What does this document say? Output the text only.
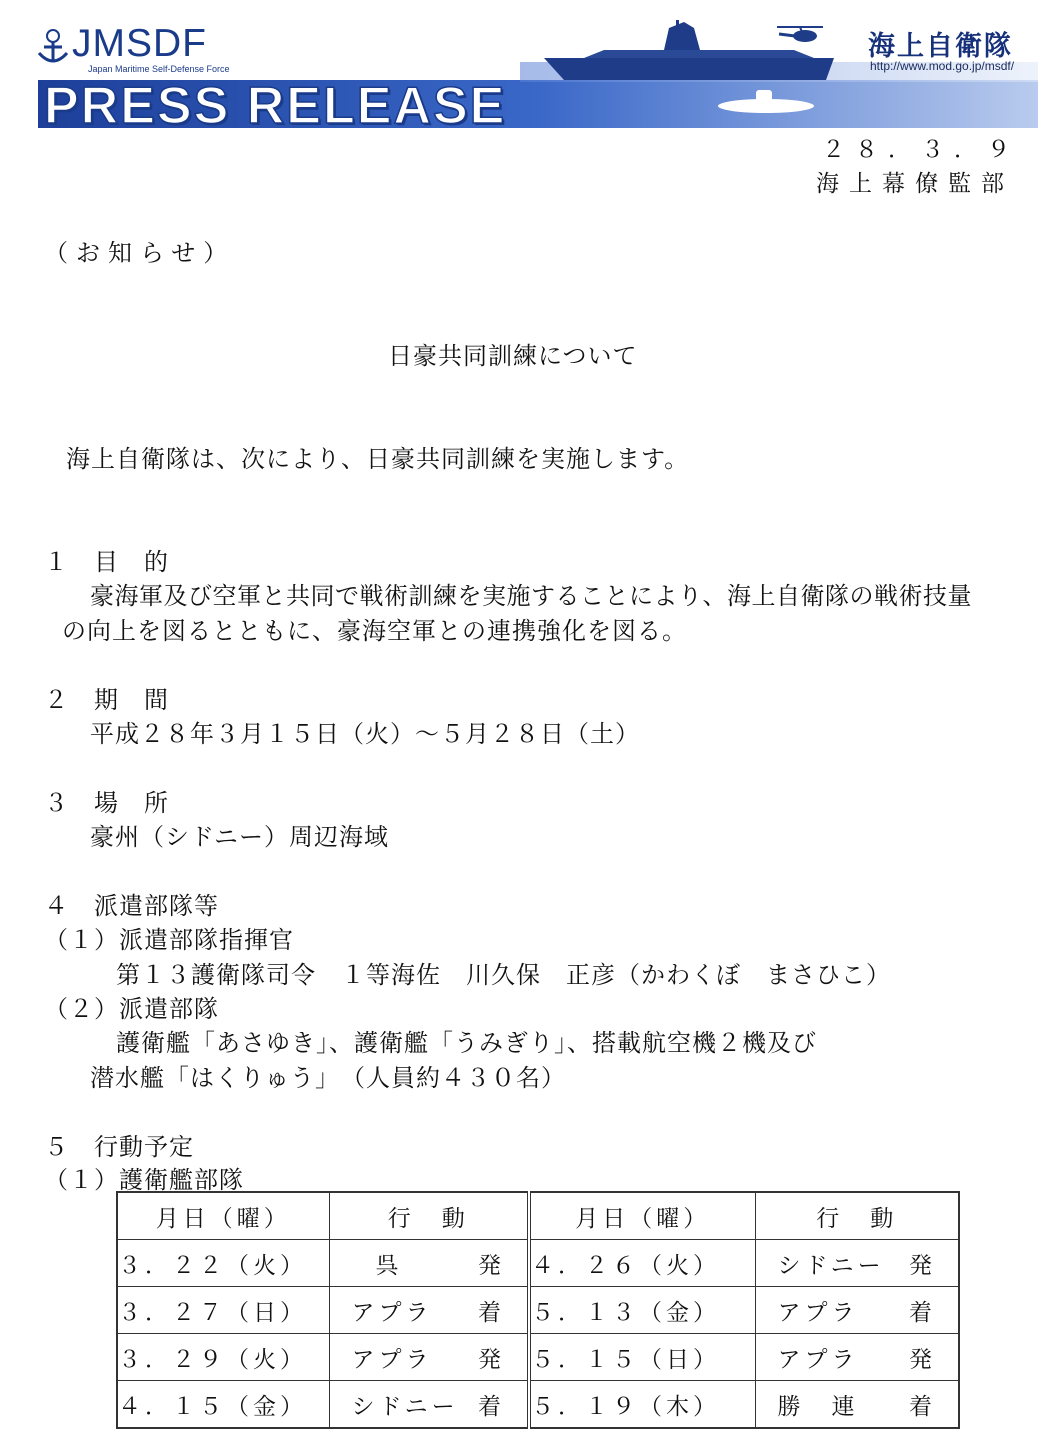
JMSDF
Japan Maritime Self-Defense Force
海上自衛隊
http://www.mod.go.jp/msdf/
PRESS RELEASE
２８．３．９
海上幕僚監部
（お知らせ）
日豪共同訓練について
海上自衛隊は、次により、日豪共同訓練を実施します。
１　目　的
豪海軍及び空軍と共同で戦術訓練を実施することにより、海上自衛隊の戦術技量
の向上を図るとともに、豪海空軍との連携強化を図る。
２　期　間
平成２８年３月１５日（火）～５月２８日（土）
３　場　所
豪州（シドニー）周辺海域
４　派遣部隊等
（１）派遣部隊指揮官
第１３護衛隊司令　１等海佐　川久保　正彦（かわくぼ　まさひこ）
（２）派遣部隊
護衛艦「あさゆき」、護衛艦「うみぎり」、搭載航空機２機及び
潜水艦「はくりゅう」　（人員約４３０名）
５　行動予定
（１）護衛艦部隊
月日（曜）	行　動	月日（曜）	行　動
３．２２（火）	呉 発	４．２６（火）	シドニー 発

３．２７（日）	アプラ 着	５．１３（金）	アプラ 着

３．２９（火）	アプラ 発	５．１５（日）	アプラ 発

４．１５（金）	シドニー 着	５．１９（木）	勝　連 着
